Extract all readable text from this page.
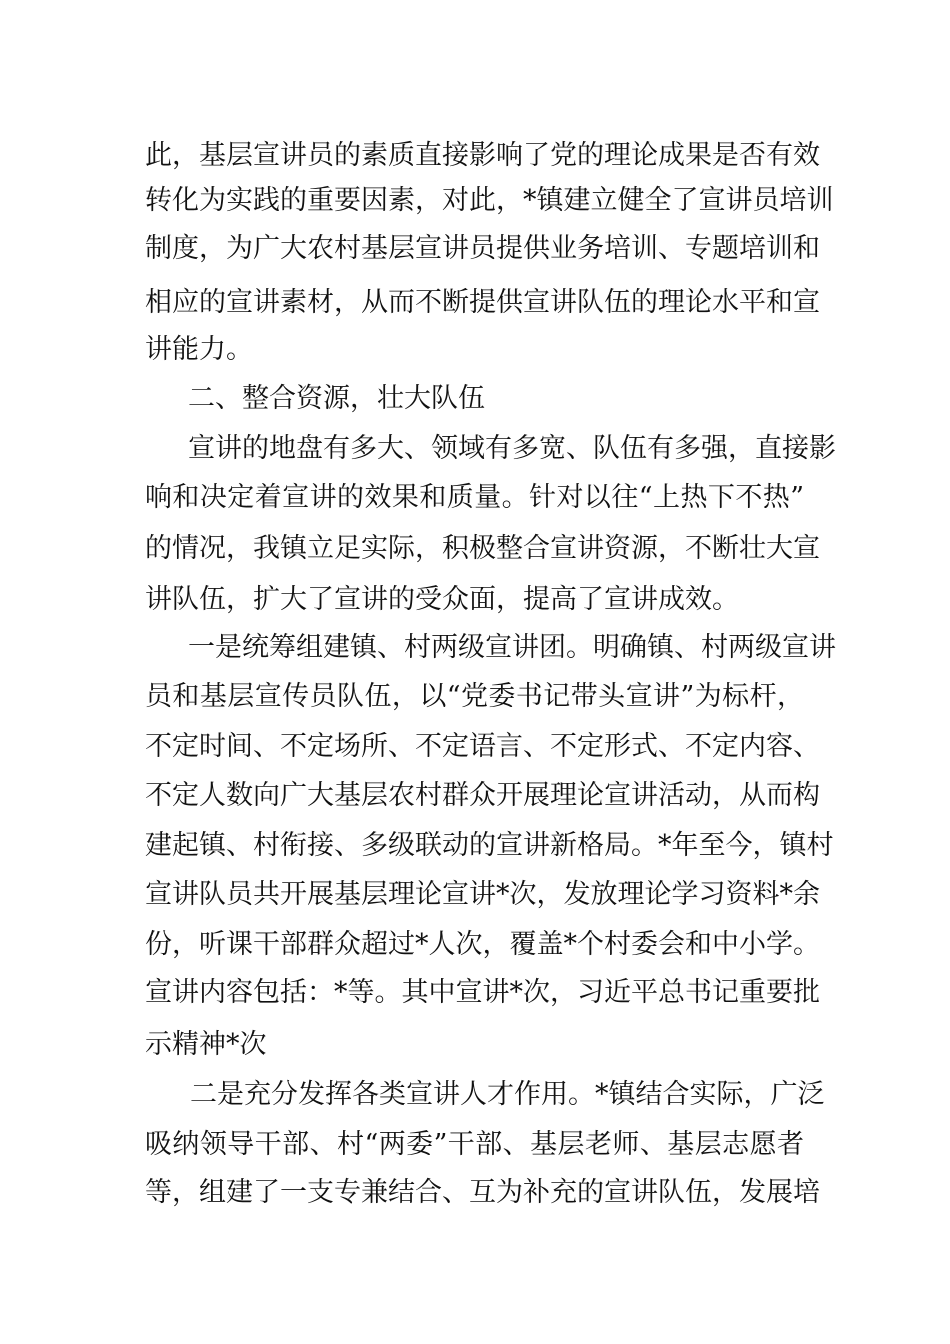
此，基层宣讲员的素质直接影响了党的理论成果是否有效
转化为实践的重要因素，对此，*镇建立健全了宣讲员培训
制度，为广大农村基层宣讲员提供业务培训、专题培训和
相应的宣讲素材，从而不断提供宣讲队伍的理论水平和宣
讲能力。
二、整合资源，壮大队伍
宣讲的地盘有多大、领域有多宽、队伍有多强，直接影
响和决定着宣讲的效果和质量。针对以往“上热下不热”
的情况，我镇立足实际，积极整合宣讲资源，不断壮大宣
讲队伍，扩大了宣讲的受众面，提高了宣讲成效。
一是统筹组建镇、村两级宣讲团。明确镇、村两级宣讲
员和基层宣传员队伍，以“党委书记带头宣讲”为标杆，
不定时间、不定场所、不定语言、不定形式、不定内容、
不定人数向广大基层农村群众开展理论宣讲活动，从而构
建起镇、村衔接、多级联动的宣讲新格局。*年至今，镇村
宣讲队员共开展基层理论宣讲*次，发放理论学习资料*余
份，听课干部群众超过*人次，覆盖*个村委会和中小学。
宣讲内容包括：*等。其中宣讲*次，习近平总书记重要批
示精神*次
二是充分发挥各类宣讲人才作用。*镇结合实际，广泛
吸纳领导干部、村“两委”干部、基层老师、基层志愿者
等，组建了一支专兼结合、互为补充的宣讲队伍，发展培
